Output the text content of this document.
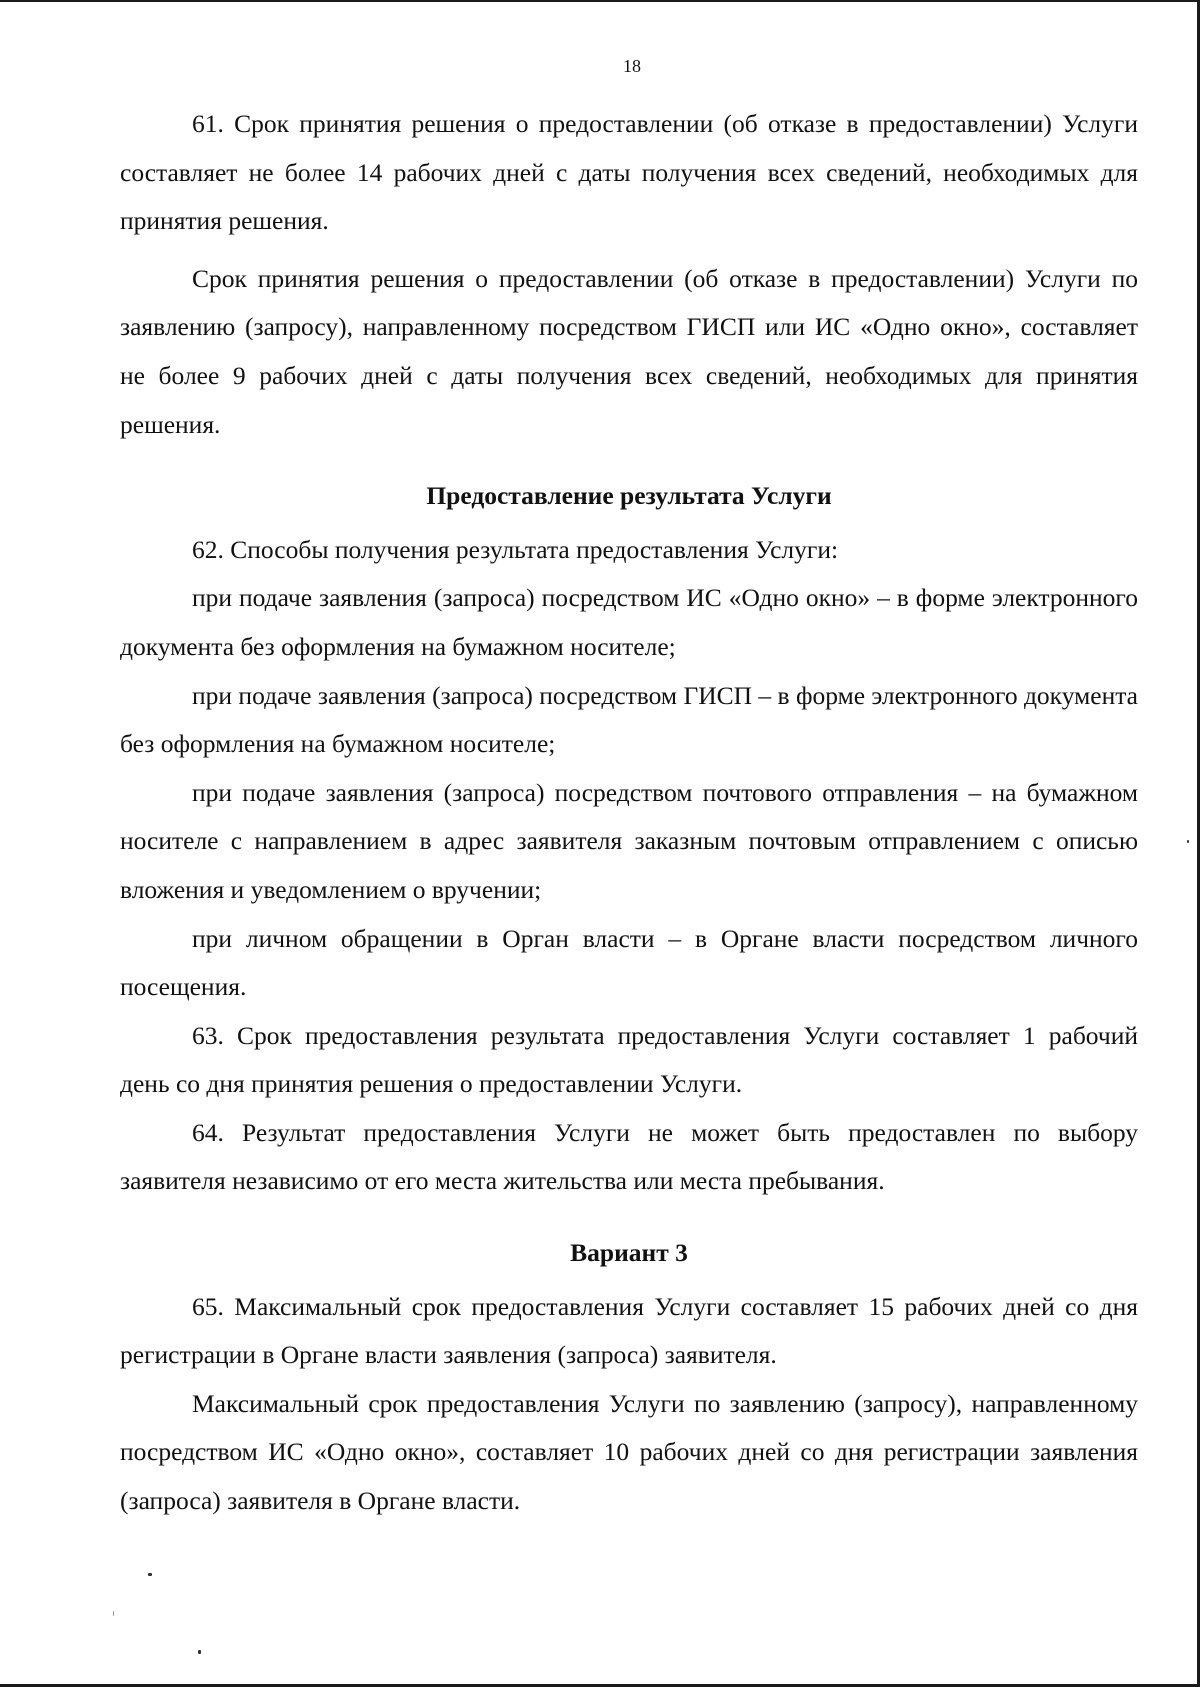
18

61. Срок принятия решения о предоставлении (об отказе в предоставлении) Услуги составляет не более 14 рабочих дней с даты получения всех сведений, необходимых для принятия решения.

Срок принятия решения о предоставлении (об отказе в предоставлении) Услуги по заявлению (запросу), направленному посредством ГИСП или ИС «Одно окно», составляет не более 9 рабочих дней с даты получения всех сведений, необходимых для принятия решения.

Предоставление результата Услуги

62. Способы получения результата предоставления Услуги:

при подаче заявления (запроса) посредством ИС «Одно окно» – в форме электронного документа без оформления на бумажном носителе;

при подаче заявления (запроса) посредством ГИСП – в форме электронного документа без оформления на бумажном носителе;

при подаче заявления (запроса) посредством почтового отправления – на бумажном носителе с направлением в адрес заявителя заказным почтовым отправлением с описью вложения и уведомлением о вручении;

при личном обращении в Орган власти – в Органе власти посредством личного посещения.

63. Срок предоставления результата предоставления Услуги составляет 1 рабочий день со дня принятия решения о предоставлении Услуги.

64. Результат предоставления Услуги не может быть предоставлен по выбору заявителя независимо от его места жительства или места пребывания.

Вариант 3

65. Максимальный срок предоставления Услуги составляет 15 рабочих дней со дня регистрации в Органе власти заявления (запроса) заявителя.

Максимальный срок предоставления Услуги по заявлению (запросу), направленному посредством ИС «Одно окно», составляет 10 рабочих дней со дня регистрации заявления (запроса) заявителя в Органе власти.
